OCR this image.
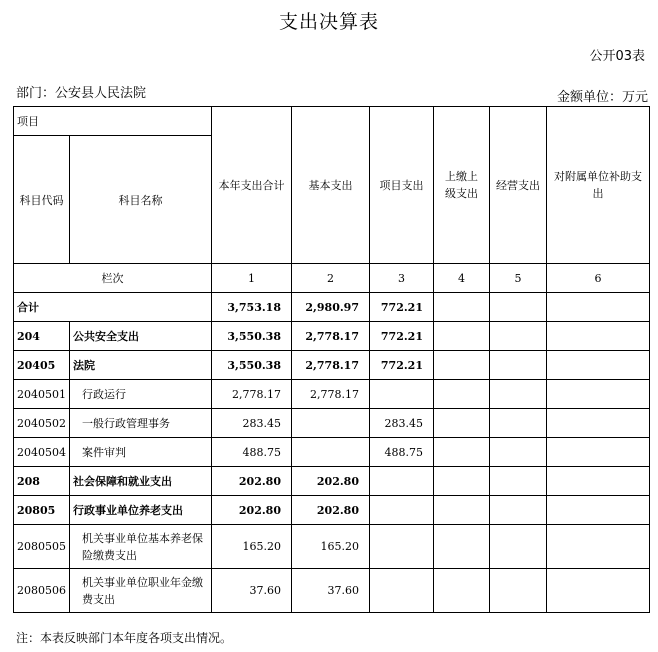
支出决算表
公开03表
部门：公安县人民法院	金额单位：万元
项目		本年支出合计	基本支出	项目支出	上缴上级支出	经营支出	对附属单位补助支出
科目代码	科目名称						
栏次		1	2	3	4	5	6
合计		3,753.18	2,980.97	772.21			
204	公共安全支出	3,550.38	2,778.17	772.21			
20405	法院	3,550.38	2,778.17	772.21			
2040501	行政运行	2,778.17	2,778.17				
2040502	一般行政管理事务	283.45		283.45			
2040504	案件审判	488.75		488.75			
208	社会保障和就业支出	202.80	202.80				
20805	行政事业单位养老支出	202.80	202.80				
2080505	机关事业单位基本养老保险缴费支出	165.20	165.20				
2080506	机关事业单位职业年金缴费支出	37.60	37.60				
注：本表反映部门本年度各项支出情况。
